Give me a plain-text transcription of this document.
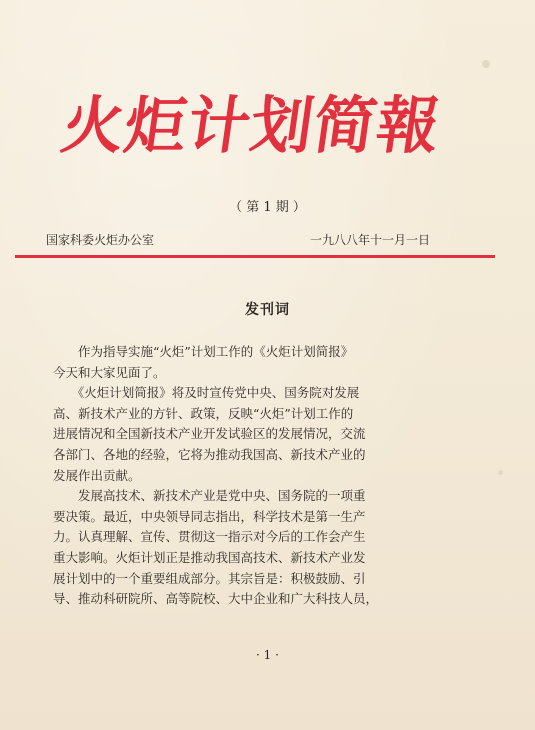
火炬计划简報
（ 第 1 期 ）
国家科委火炬办公室	一九八八年十一月一日
发刊词
　　作为指导实施“火炬”计划工作的《火炬计划简报》
今天和大家见面了。
　　《火炬计划简报》将及时宣传党中央、国务院对发展
高、新技术产业的方针、政策，反映“火炬”计划工作的
进展情况和全国新技术产业开发试验区的发展情况，交流
各部门、各地的经验，它将为推动我国高、新技术产业的
发展作出贡献。
　　发展高技术、新技术产业是党中央、国务院的一项重
要决策。最近，中央领导同志指出，科学技术是第一生产
力。认真理解、宣传、贯彻这一指示对今后的工作会产生
重大影响。火炬计划正是推动我国高技术、新技术产业发
展计划中的一个重要组成部分。其宗旨是：积极鼓励、引
导、推动科研院所、高等院校、大中企业和广大科技人员，
· 1 ·
